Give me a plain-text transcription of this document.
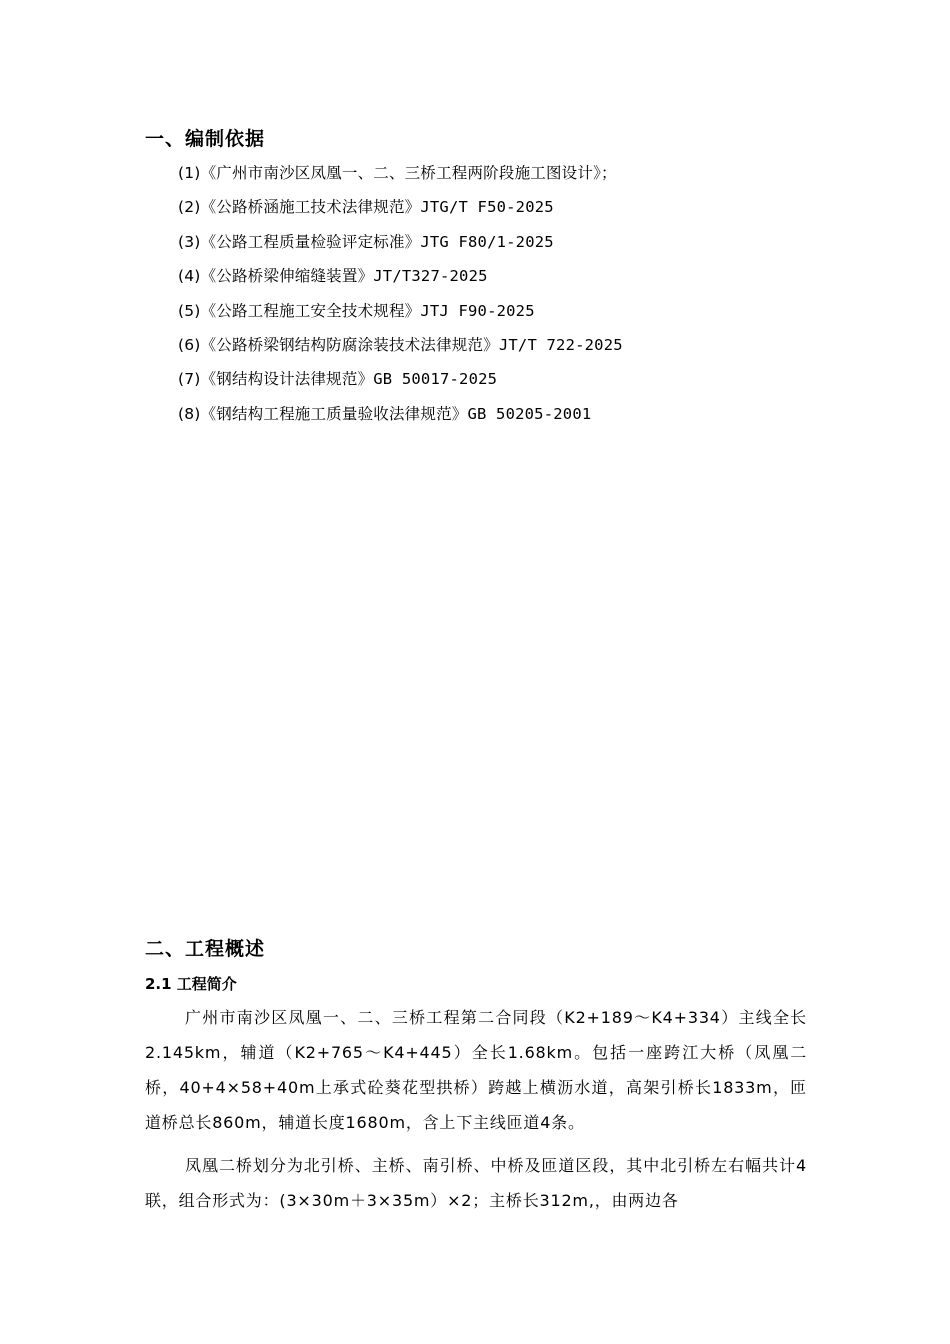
一、编制依据
(1)《广州市南沙区凤凰一、二、三桥工程两阶段施工图设计》；
(2)《公路桥涵施工技术法律规范》JTG/T F50-2025
(3)《公路工程质量检验评定标准》JTG F80/1-2025
(4)《公路桥梁伸缩缝装置》JT/T327-2025
(5)《公路工程施工安全技术规程》JTJ F90-2025
(6)《公路桥梁钢结构防腐涂装技术法律规范》JT/T 722-2025
(7)《钢结构设计法律规范》GB 50017-2025
(8)《钢结构工程施工质量验收法律规范》GB 50205-2001
二、工程概述
2.1 工程简介
广州市南沙区凤凰一、二、三桥工程第二合同段（K2+189～K4+334）主线全长2.145km，辅道（K2+765～K4+445）全长1.68km。包括一座跨江大桥（凤凰二桥，40+4×58+40m上承式砼葵花型拱桥）跨越上横沥水道，高架引桥长1833m，匝道桥总长860m，辅道长度1680m，含上下主线匝道4条。
凤凰二桥划分为北引桥、主桥、南引桥、中桥及匝道区段，其中北引桥左右幅共计4联，组合形式为：(3×30m＋3×35m）×2；主桥长312m,，由两边各
